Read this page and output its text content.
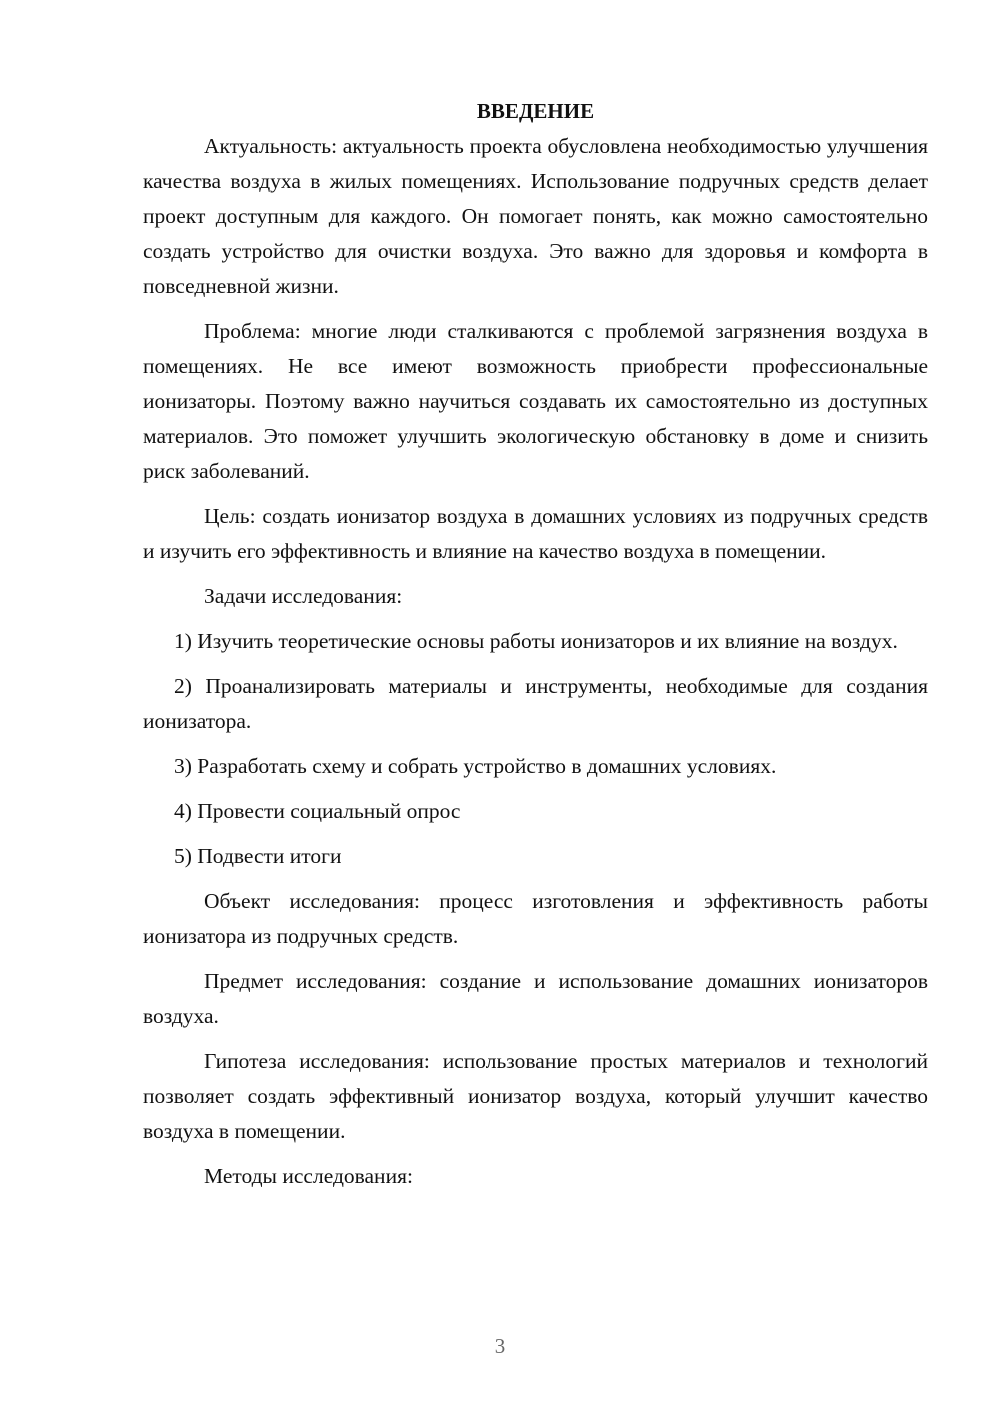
ВВЕДЕНИЕ

Актуальность: актуальность проекта обусловлена необходимостью улучшения качества воздуха в жилых помещениях. Использование подручных средств делает проект доступным для каждого. Он помогает понять, как можно самостоятельно создать устройство для очистки воздуха. Это важно для здоровья и комфорта в повседневной жизни.

Проблема: многие люди сталкиваются с проблемой загрязнения воздуха в помещениях. Не все имеют возможность приобрести профессиональные ионизаторы. Поэтому важно научиться создавать их самостоятельно из доступных материалов. Это поможет улучшить экологическую обстановку в доме и снизить риск заболеваний.

Цель: создать ионизатор воздуха в домашних условиях из подручных средств и изучить его эффективность и влияние на качество воздуха в помещении.

Задачи исследования:

1) Изучить теоретические основы работы ионизаторов и их влияние на воздух.

2) Проанализировать материалы и инструменты, необходимые для создания ионизатора.

3) Разработать схему и собрать устройство в домашних условиях.

4) Провести социальный опрос

5) Подвести итоги

Объект исследования: процесс изготовления и эффективность работы ионизатора из подручных средств.

Предмет исследования: создание и использование домашних ионизаторов воздуха.

Гипотеза исследования: использование простых материалов и технологий позволяет создать эффективный ионизатор воздуха, который улучшит качество воздуха в помещении.

Методы исследования:

3
